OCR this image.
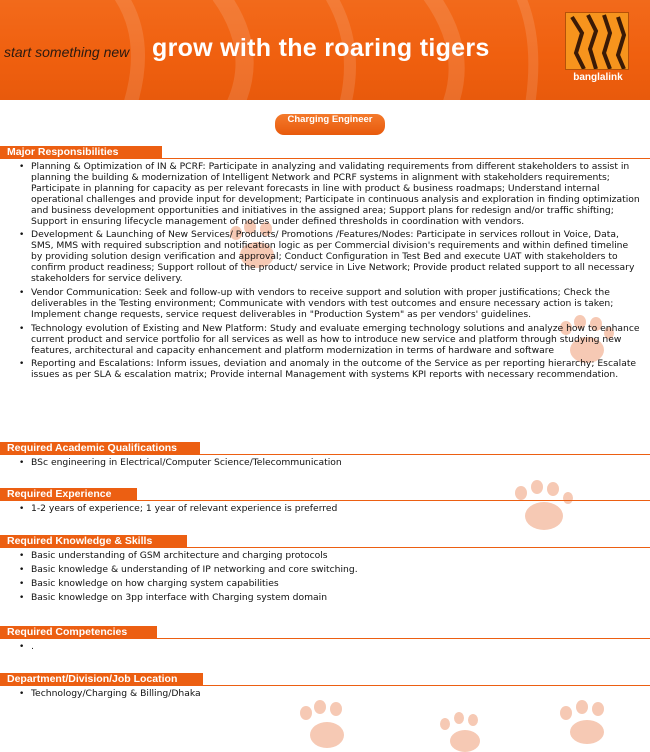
start something new grow with the roaring tigers
banglalink
Charging Engineer
Major Responsibilities
• Planning & Optimization of IN & PCRF: Participate in analyzing and validating requirements from different stakeholders to assist in planning the building & modernization of Intelligent Network and PCRF systems in alignment with stakeholders requirements; Participate in planning for capacity as per relevant forecasts in line with product & business roadmaps; Understand internal operational challenges and provide input for development; Participate in continuous analysis and exploration in finding optimization and business development opportunities and initiatives in the assigned area; Support plans for redesign and/or traffic shifting; Support in ensuring lifecycle management of nodes under defined thresholds in coordination with vendors.
• Development & Launching of New Services/ Products/ Promotions /Features/Nodes: Participate in services rollout in Voice, Data, SMS, MMS with required subscription and notification logic as per Commercial division's requirements and within defined timeline by providing solution design verification and approval; Conduct Configuration in Test Bed and execute UAT with stakeholders to confirm product readiness; Support rollout of the product/ service in Live Network; Provide product related support to all necessary stakeholders for service delivery.
• Vendor Communication: Seek and follow-up with vendors to receive support and solution with proper justifications; Check the deliverables in the Testing environment; Communicate with vendors with test outcomes and ensure necessary action is taken; Implement change requests, service request deliverables in "Production System" as per vendors' guidelines.
• Technology evolution of Existing and New Platform: Study and evaluate emerging technology solutions and analyze how to enhance current product and service portfolio for all services as well as how to introduce new service and platform through studying new features, architectural and capacity enhancement and platform modernization in terms of hardware and software
• Reporting and Escalations: Inform issues, deviation and anomaly in the outcome of the Service as per reporting hierarchy; Escalate issues as per SLA & escalation matrix; Provide internal Management with systems KPI reports with necessary recommendation.
Required Academic Qualifications
• BSc engineering in Electrical/Computer Science/Telecommunication
Required Experience
• 1-2 years of experience; 1 year of relevant experience is preferred
Required Knowledge & Skills
• Basic understanding of GSM architecture and charging protocols
• Basic knowledge & understanding of IP networking and core switching.
• Basic knowledge on how charging system capabilities
• Basic knowledge on 3pp interface with Charging system domain
Required Competencies
• .
Department/Division/Job Location
• Technology/Charging & Billing/Dhaka
